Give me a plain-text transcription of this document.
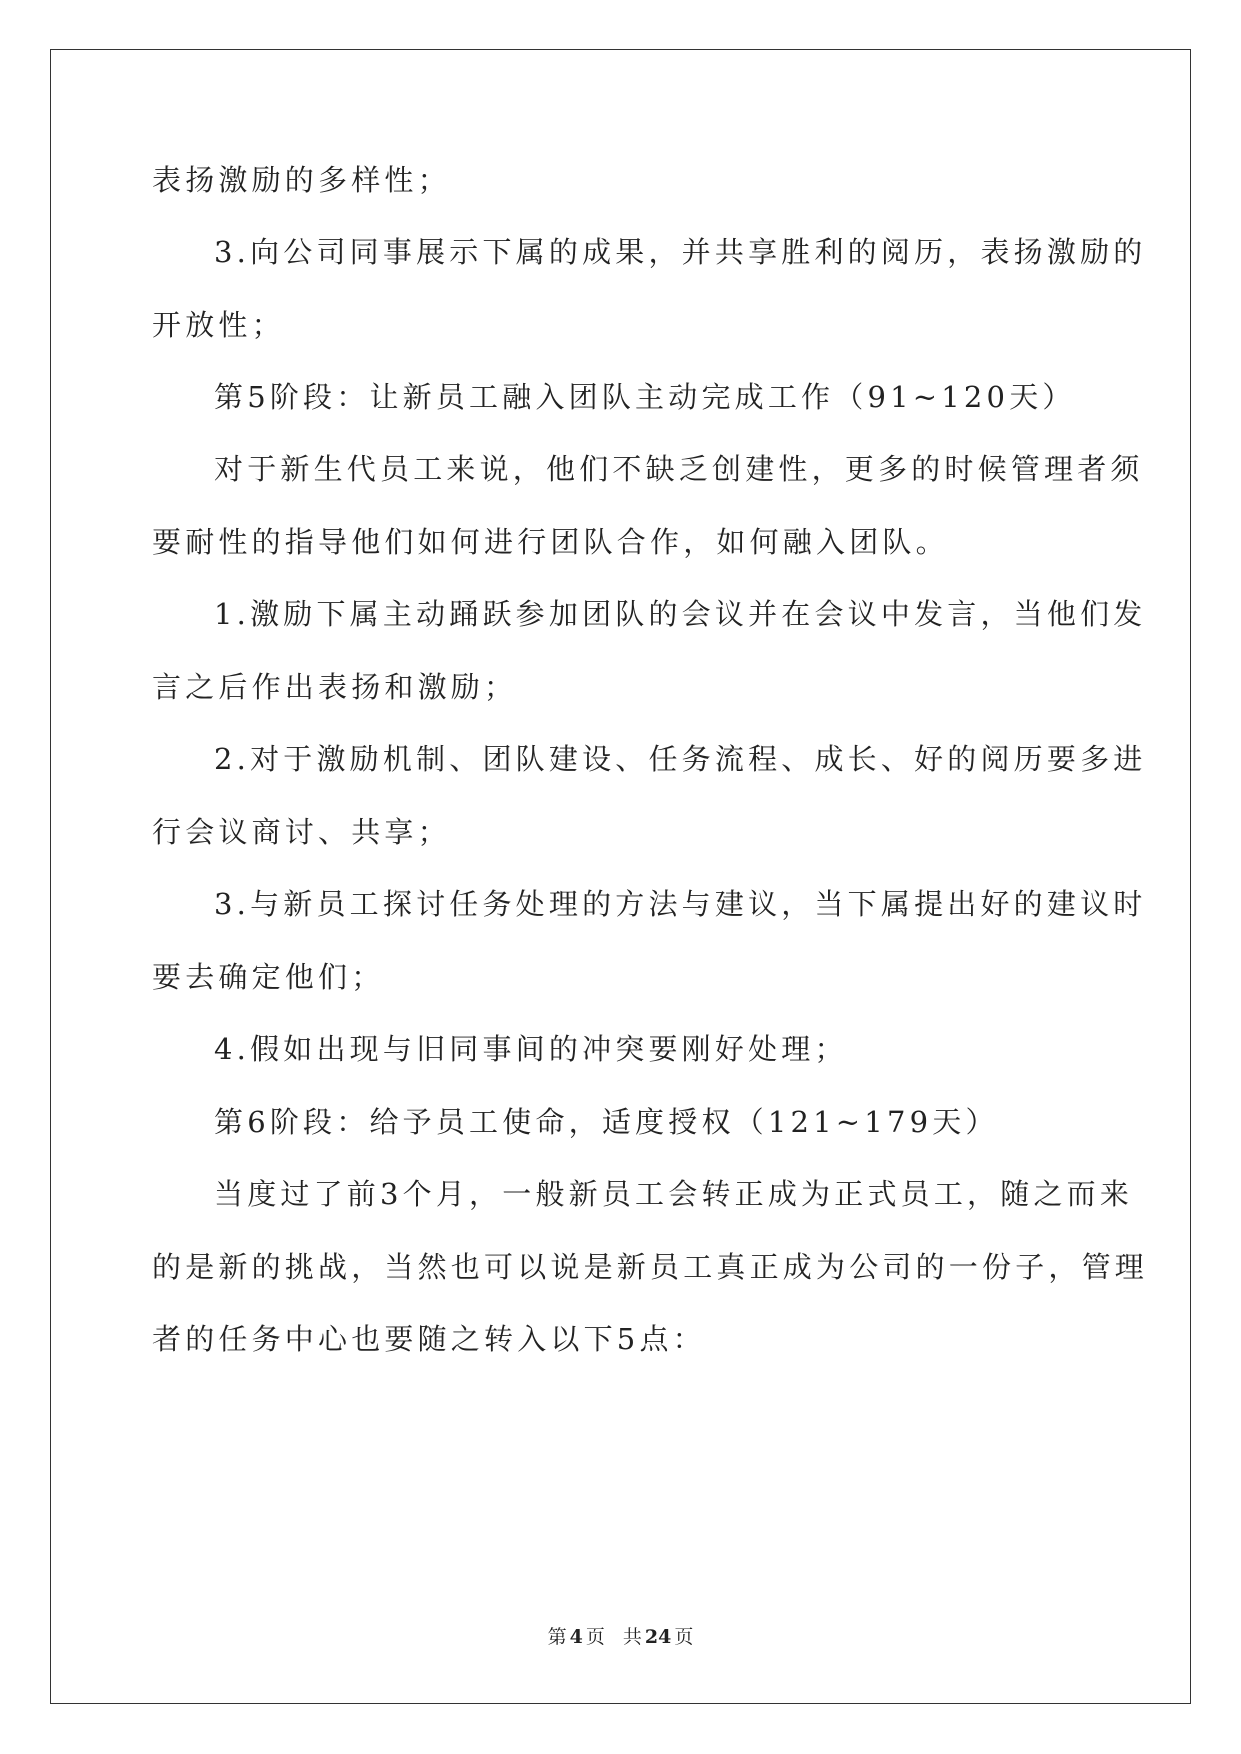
表扬激励的多样性；
3.向公司同事展示下属的成果，并共享胜利的阅历，表扬激励的
开放性；
第5阶段：让新员工融入团队主动完成工作（91~120天）
对于新生代员工来说，他们不缺乏创建性，更多的时候管理者须
要耐性的指导他们如何进行团队合作，如何融入团队。
1.激励下属主动踊跃参加团队的会议并在会议中发言，当他们发
言之后作出表扬和激励；
2.对于激励机制、团队建设、任务流程、成长、好的阅历要多进
行会议商讨、共享；
3.与新员工探讨任务处理的方法与建议，当下属提出好的建议时
要去确定他们；
4.假如出现与旧同事间的冲突要刚好处理；
第6阶段：给予员工使命，适度授权（121~179天）
当度过了前3个月，一般新员工会转正成为正式员工，随之而来
的是新的挑战，当然也可以说是新员工真正成为公司的一份子，管理
者的任务中心也要随之转入以下5点：
第 4 页 共 24 页
